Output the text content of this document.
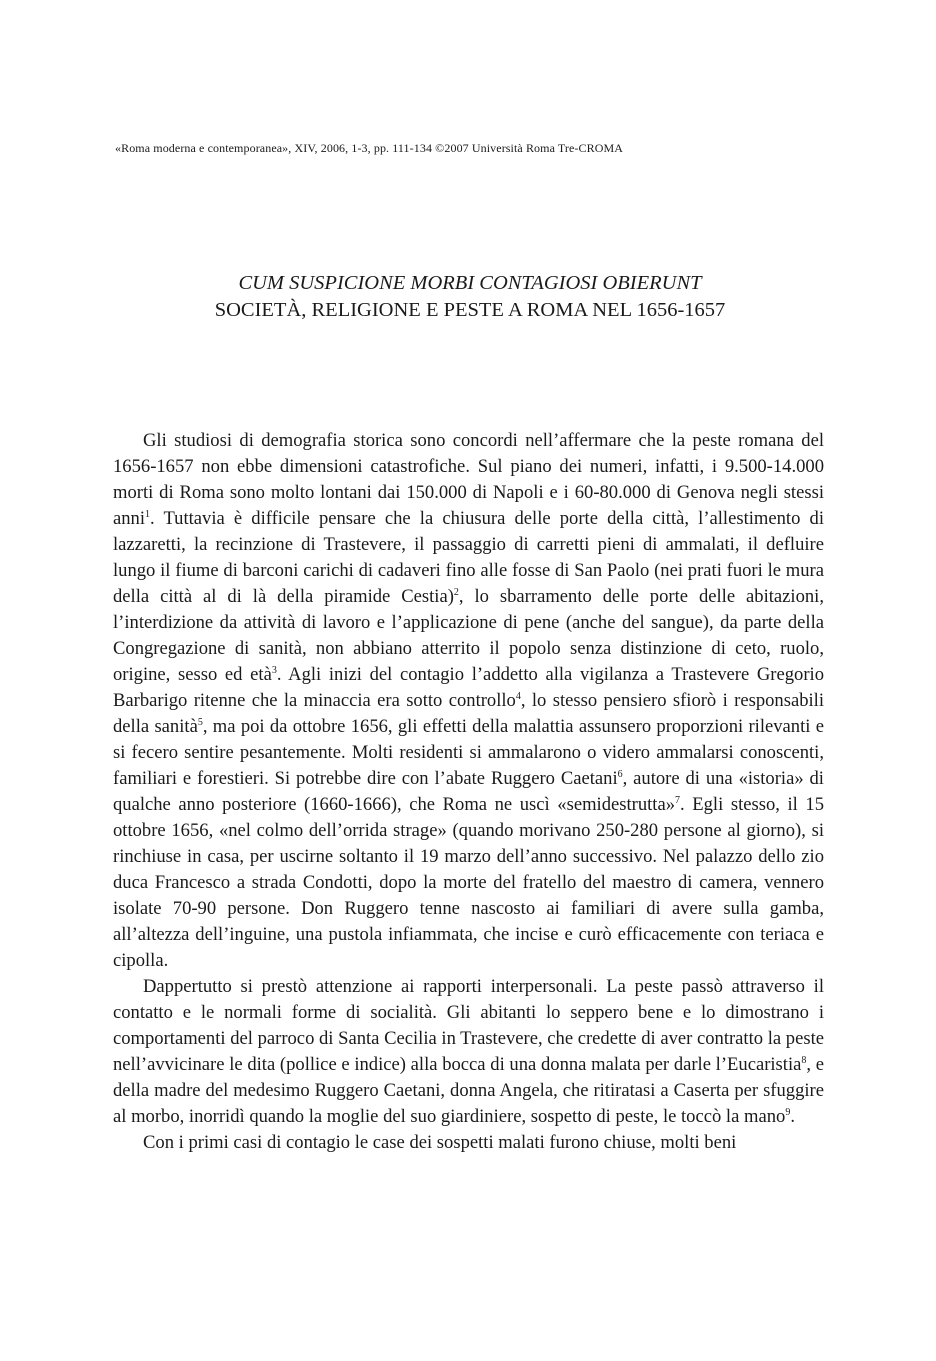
«Roma moderna e contemporanea», XIV, 2006, 1-3, pp. 111-134 ©2007 Università Roma Tre-CROMA
CUM SUSPICIONE MORBI CONTAGIOSI OBIERUNT
SOCIETÀ, RELIGIONE E PESTE A ROMA NEL 1656-1657

Gli studiosi di demografia storica sono concordi nell’affermare che la peste romana del 1656-1657 non ebbe dimensioni catastrofiche. Sul piano dei numeri, infatti, i 9.500-14.000 morti di Roma sono molto lontani dai 150.000 di Napoli e i 60-80.000 di Genova negli stessi anni$^1$. Tuttavia è difficile pensare che la chiusura delle porte della città, l’allestimento di lazzaretti, la recinzione di Trastevere, il passaggio di carretti pieni di ammalati, il defluire lungo il fiume di barconi carichi di cadaveri fino alle fosse di San Paolo (nei prati fuori le mura della città al di là della piramide Cestia)$^2$, lo sbarramento delle porte delle abitazioni, l’interdizione da attività di lavoro e l’applicazione di pene (anche del sangue), da parte della Congregazione di sanità, non abbiano atterrito il popolo senza distinzione di ceto, ruolo, origine, sesso ed età$^3$. Agli inizi del contagio l’addetto alla vigilanza a Trastevere Gregorio Barbarigo ritenne che la minaccia era sotto controllo$^4$, lo stesso pensiero sfiorò i responsabili della sanità$^5$, ma poi da ottobre 1656, gli effetti della malattia assunsero proporzioni rilevanti e si fecero sentire pesantemente. Molti residenti si ammalarono o videro ammalarsi conoscenti, familiari e forestieri. Si potrebbe dire con l’abate Ruggero Caetani$^6$, autore di una «istoria» di qualche anno posteriore (1660-1666), che Roma ne uscì «semidestrutta»$^7$. Egli stesso, il 15 ottobre 1656, «nel colmo dell’orrida strage» (quando morivano 250-280 persone al giorno), si rinchiuse in casa, per uscirne soltanto il 19 marzo dell’anno successivo. Nel palazzo dello zio duca Francesco a strada Condotti, dopo la morte del fratello del maestro di camera, vennero isolate 70-90 persone. Don Ruggero tenne nascosto ai familiari di avere sulla gamba, all’altezza dell’inguine, una pustola infiammata, che incise e curò efficacemente con teriaca e cipolla.

Dappertutto si prestò attenzione ai rapporti interpersonali. La peste passò attraverso il contatto e le normali forme di socialità. Gli abitanti lo seppero bene e lo dimostrano i comportamenti del parroco di Santa Cecilia in Trastevere, che credette di aver contratto la peste nell’avvicinare le dita (pollice e indice) alla bocca di una donna malata per darle l’Eucaristia$^8$, e della madre del medesimo Ruggero Caetani, donna Angela, che ritiratasi a Caserta per sfuggire al morbo, inorridì quando la moglie del suo giardiniere, sospetto di peste, le toccò la mano$^9$.

Con i primi casi di contagio le case dei sospetti malati furono chiuse, molti beni
